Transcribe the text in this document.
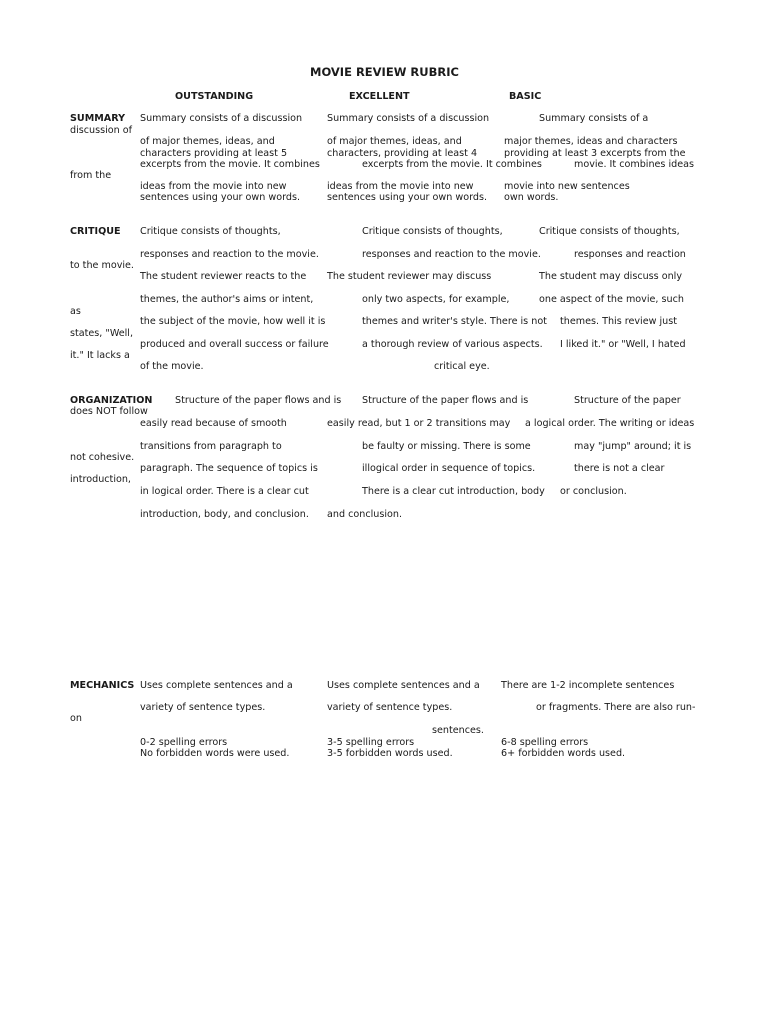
MOVIE REVIEW RUBRIC
OUTSTANDING	EXCELLENT	BASIC
SUMMARY
discussion of
from the
Summary consists of a discussion
of major themes, ideas, and
characters providing at least 5
excerpts from the movie. It combines
ideas from the movie into new
sentences using your own words.
Summary consists of a discussion
of major themes, ideas, and
characters, providing at least 4
excerpts from the movie. It combines
ideas from the movie into new
sentences using your own words.
Summary consists of a
major themes, ideas and characters
providing at least 3 excerpts from the
movie. It combines ideas
movie into new sentences
own words.
CRITIQUE
to the movie.
as
states, "Well,
it." It lacks a
Critique consists of thoughts,
responses and reaction to the movie.
The student reviewer reacts to the
themes, the author's aims or intent,
the subject of the movie, how well it is
produced and overall success or failure
of the movie.
Critique consists of thoughts,
responses and reaction to the movie.
The student reviewer may discuss
only two aspects, for example,
themes and writer's style. There is not
a thorough review of various aspects.
critical eye.
Critique consists of thoughts,
responses and reaction
The student may discuss only
one aspect of the movie, such
themes. This review just
I liked it." or "Well, I hated
ORGANIZATION
does NOT follow
not cohesive.
introduction,
Structure of the paper flows and is
easily read because of smooth
transitions from paragraph to
paragraph. The sequence of topics is
in logical order. There is a clear cut
introduction, body, and conclusion.
Structure of the paper flows and is
easily read, but 1 or 2 transitions may
be faulty or missing. There is some
illogical order in sequence of topics.
There is a clear cut introduction, body
and conclusion.
Structure of the paper
a logical order. The writing or ideas
may "jump" around; it is
there is not a clear
or conclusion.
MECHANICS
on
Uses complete sentences and a
variety of sentence types.
0-2 spelling errors
No forbidden words were used.
Uses complete sentences and a
variety of sentence types.
3-5 spelling errors
3-5 forbidden words used.
There are 1-2 incomplete sentences
or fragments. There are also run-
sentences.
6-8 spelling errors
6+ forbidden words used.
